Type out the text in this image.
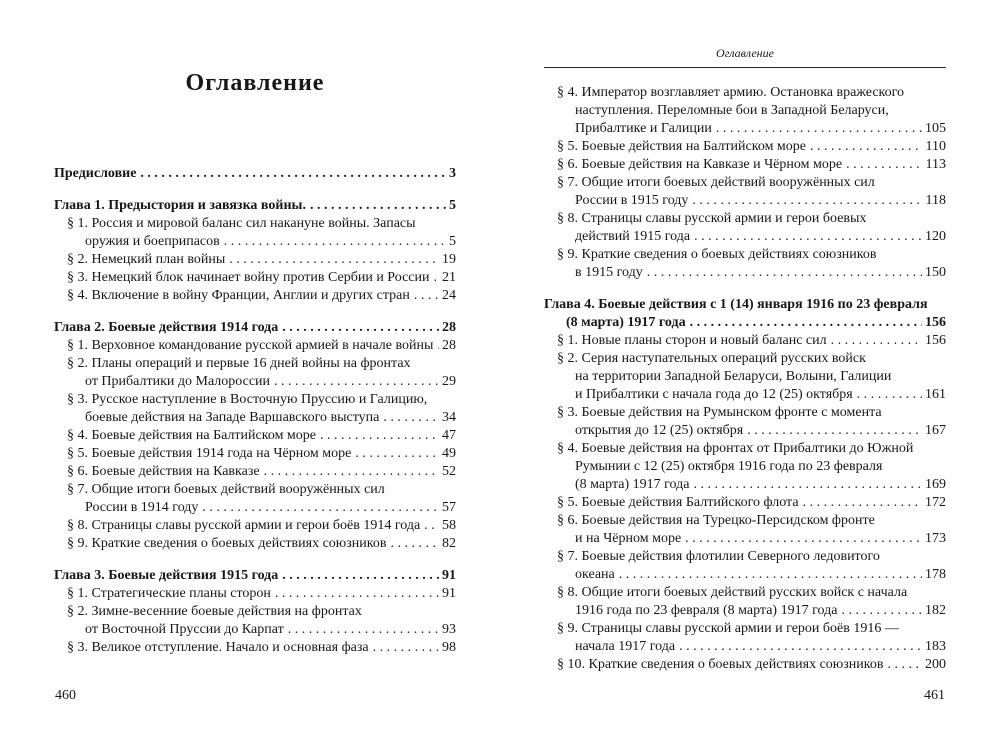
Оглавление
Предисловие . . .	3
Глава 1. Предыстория и завязка войны. . . .	5
§ 1. Россия и мировой баланс сил накануне войны. Запасы
оружия и боеприпасов . . .	5
§ 2. Немецкий план войны . . .	19
§ 3. Немецкий блок начинает войну против Сербии и России . . . 21
§ 4. Включение в войну Франции, Англии и других стран . . . 24
Глава 2. Боевые действия 1914 года . . .	28
§ 1. Верховное командование русской армией в начале войны . . . 28
§ 2. Планы операций и первые 16 дней войны на фронтах
от Прибалтики до Малороссии . . .	29
§ 3. Русское наступление в Восточную Пруссию и Галицию,
боевые действия на Западе Варшавского выступа . . .	34
§ 4. Боевые действия на Балтийском море . . .	47
§ 5. Боевые действия 1914 года на Чёрном море . . .	49
§ 6. Боевые действия на Кавказе . . .	52
§ 7. Общие итоги боевых действий вооружённых сил
России в 1914 году . . .	57
§ 8. Страницы славы русской армии и герои боёв 1914 года . . . 58
§ 9. Краткие сведения о боевых действиях союзников . . .	82
Глава 3. Боевые действия 1915 года . . .	91
§ 1. Стратегические планы сторон . . .	91
§ 2. Зимне-весенние боевые действия на фронтах
от Восточной Пруссии до Карпат . . .	93
§ 3. Великое отступление. Начало и основная фаза . . .	98
460
Оглавление
§ 4. Император возглавляет армию. Остановка вражеского
наступления. Переломные бои в Западной Беларуси,
Прибалтике и Галиции . . .	105
§ 5. Боевые действия на Балтийском море . . .	110
§ 6. Боевые действия на Кавказе и Чёрном море . . .	113
§ 7. Общие итоги боевых действий вооружённых сил
России в 1915 году . . .	118
§ 8. Страницы славы русской армии и герои боевых
действий 1915 года . . .	120
§ 9. Краткие сведения о боевых действиях союзников
в 1915 году . . .	150
Глава 4. Боевые действия с 1 (14) января 1916 по 23 февраля
(8 марта) 1917 года . . .	156
§ 1. Новые планы сторон и новый баланс сил . . .	156
§ 2. Серия наступательных операций русских войск
на территории Западной Беларуси, Волыни, Галиции
и Прибалтики с начала года до 12 (25) октября . . .	161
§ 3. Боевые действия на Румынском фронте с момента
открытия до 12 (25) октября . . .	167
§ 4. Боевые действия на фронтах от Прибалтики до Южной
Румынии с 12 (25) октября 1916 года по 23 февраля
(8 марта) 1917 года . . .	169
§ 5. Боевые действия Балтийского флота . . .	172
§ 6. Боевые действия на Турецко-Персидском фронте
и на Чёрном море . . .	173
§ 7. Боевые действия флотилии Северного ледовитого
океана . . .	178
§ 8. Общие итоги боевых действий русских войск с начала
1916 года по 23 февраля (8 марта) 1917 года . . .	182
§ 9. Страницы славы русской армии и герои боёв 1916 —
начала 1917 года . . .	183
§ 10. Краткие сведения о боевых действиях союзников . . .	200
461
